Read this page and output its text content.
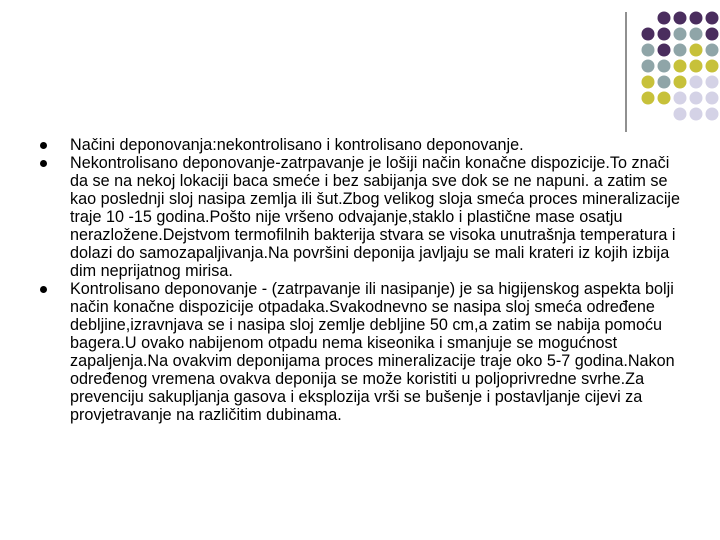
Načini deponovanja:nekontrolisano i kontrolisano deponovanje.
Nekontrolisano deponovanje-zatrpavanje je lošiji način konačne dispozicije.To znači da se na nekoj lokaciji baca smeće i bez sabijanja sve dok se ne napuni. a zatim se kao poslednji sloj nasipa zemlja ili šut.Zbog velikog sloja smeća proces mineralizacije traje 10 -15 godina.Pošto nije vršeno odvajanje,staklo i plastične mase osatju nerazložene.Dejstvom termofilnih bakterija stvara se visoka unutrašnja temperatura i dolazi do samozapaljivanja.Na površini deponija javljaju se mali krateri iz kojih izbija dim neprijatnog mirisa.
Kontrolisano deponovanje - (zatrpavanje ili nasipanje) je sa higijenskog aspekta bolji način konačne dispozicije otpadaka.Svakodnevno se nasipa sloj smeća određene debljine,izravnjava se i nasipa sloj zemlje debljine 50 cm,a zatim se nabija pomoću bagera.U ovako nabijenom otpadu nema kiseonika i smanjuje se mogućnost zapaljenja.Na ovakvim deponijama proces mineralizacije traje oko 5-7 godina.Nakon određenog vremena ovakva deponija se može koristiti u poljoprivredne svrhe.Za prevenciju sakupljanja gasova i eksplozija vrši se bušenje i postavljanje cijevi za provjetravanje na različitim dubinama.
